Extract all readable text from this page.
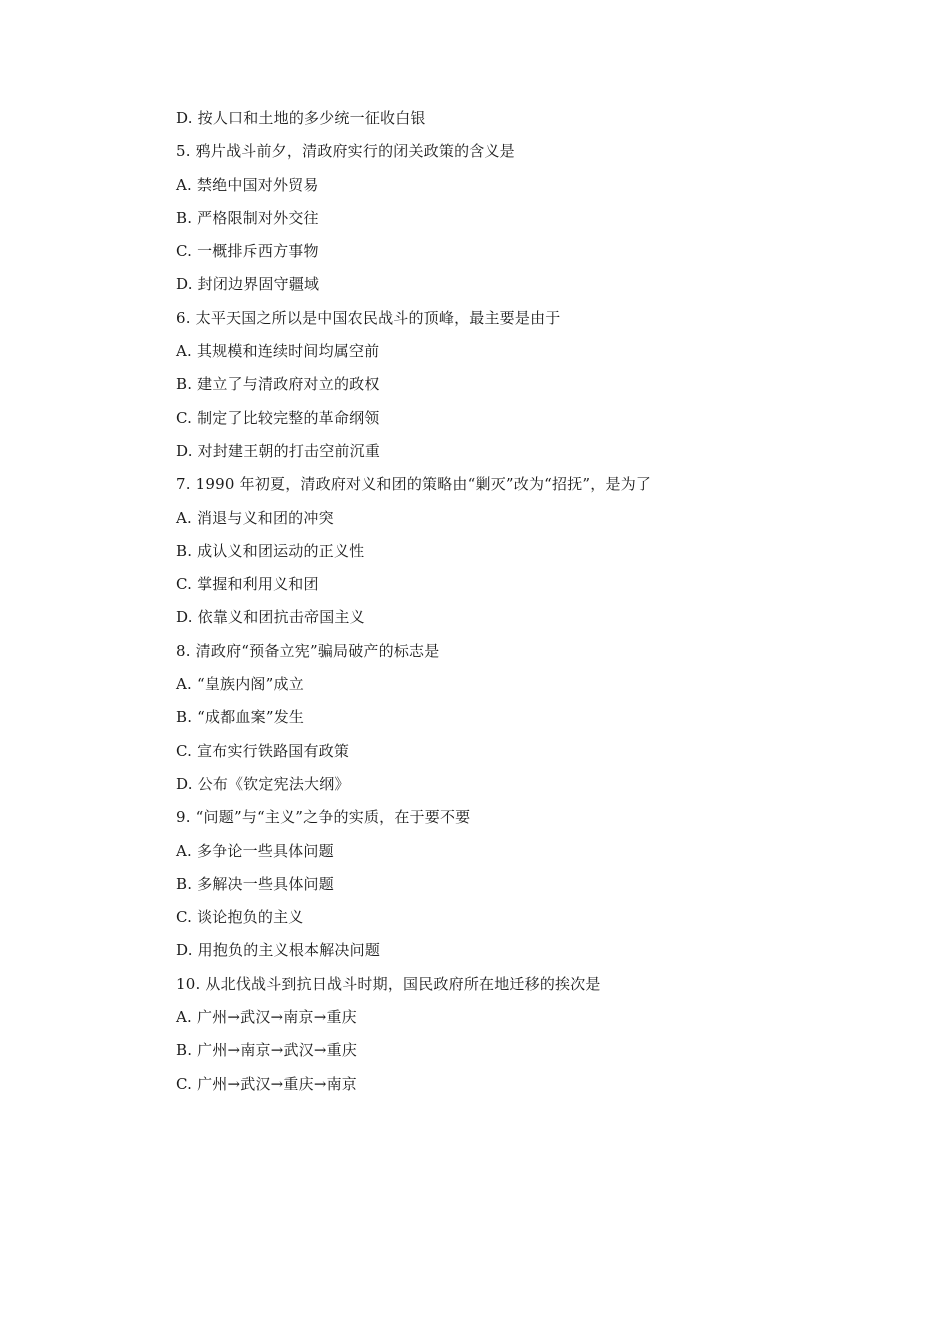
D. 按人口和土地的多少统一征收白银
5. 鸦片战斗前夕，清政府实行的闭关政策的含义是
A. 禁绝中国对外贸易
B. 严格限制对外交往
C. 一概排斥西方事物
D. 封闭边界固守疆域
6. 太平天国之所以是中国农民战斗的顶峰，最主要是由于
A. 其规模和连续时间均属空前
B. 建立了与清政府对立的政权
C. 制定了比较完整的革命纲领
D. 对封建王朝的打击空前沉重
7. 1990 年初夏，清政府对义和团的策略由“剿灭”改为“招抚”，是为了
A. 消退与义和团的冲突
B. 成认义和团运动的正义性
C. 掌握和利用义和团
D. 依靠义和团抗击帝国主义
8. 清政府“预备立宪”骗局破产的标志是
A. “皇族内阁”成立
B. “成都血案”发生
C. 宣布实行铁路国有政策
D. 公布《钦定宪法大纲》
9. “问题”与“主义”之争的实质，在于要不要
A. 多争论一些具体问题
B. 多解决一些具体问题
C. 谈论抱负的主义
D. 用抱负的主义根本解决问题
10. 从北伐战斗到抗日战斗时期，国民政府所在地迁移的挨次是
A. 广州→武汉→南京→重庆
B. 广州→南京→武汉→重庆
C. 广州→武汉→重庆→南京
